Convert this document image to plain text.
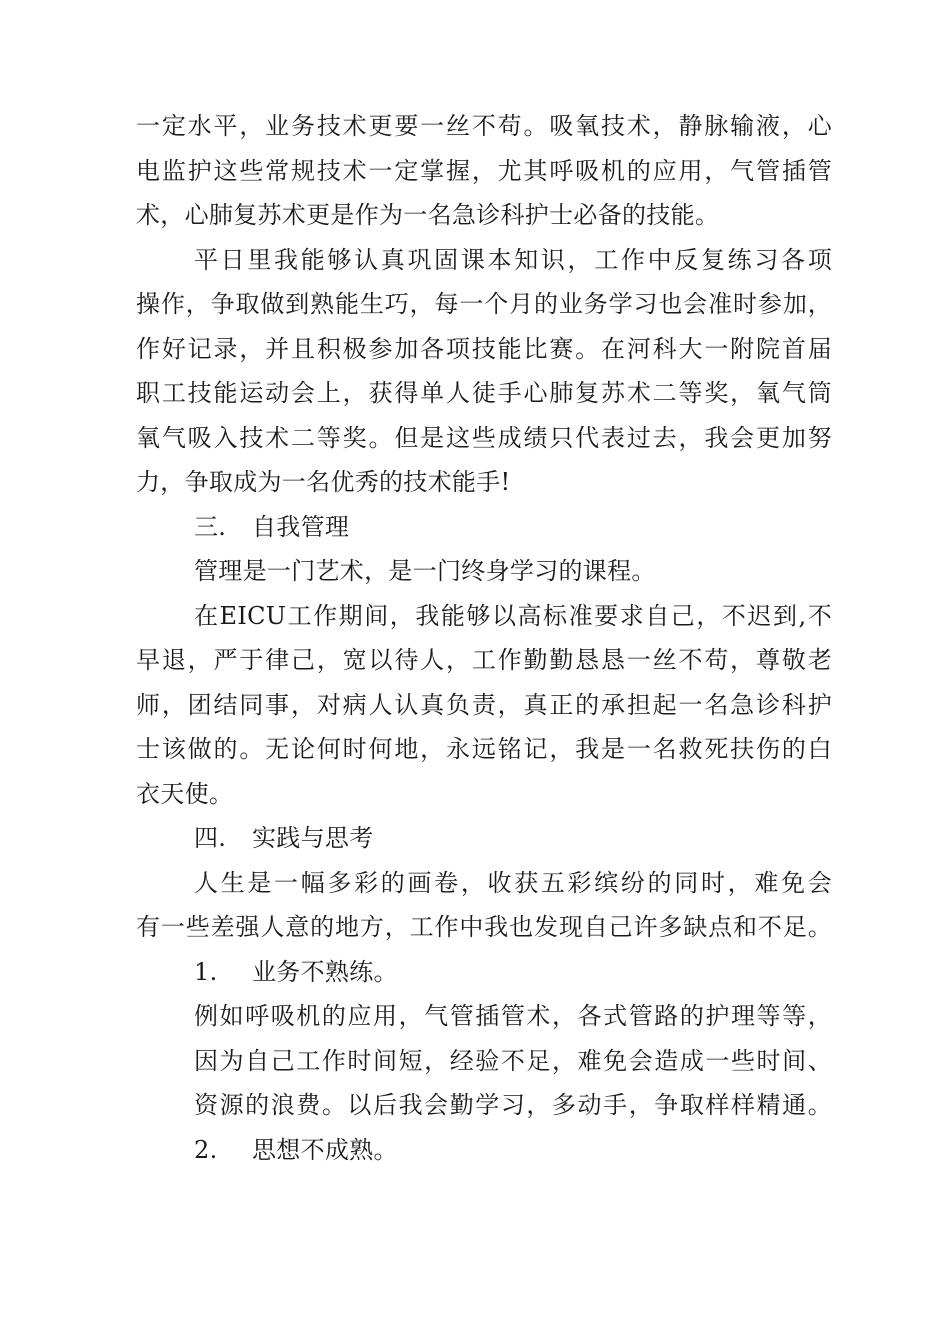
一定水平，业务技术更要一丝不苟。吸氧技术，静脉输液，心
电监护这些常规技术一定掌握，尤其呼吸机的应用，气管插管
术，心肺复苏术更是作为一名急诊科护士必备的技能。
平日里我能够认真巩固课本知识，工作中反复练习各项
操作，争取做到熟能生巧，每一个月的业务学习也会准时参加，
作好记录，并且积极参加各项技能比赛。在河科大一附院首届
职工技能运动会上，获得单人徒手心肺复苏术二等奖，氧气筒
氧气吸入技术二等奖。但是这些成绩只代表过去，我会更加努
力，争取成为一名优秀的技术能手!
三. 自我管理
管理是一门艺术，是一门终身学习的课程。
在EICU工作期间，我能够以高标准要求自己，不迟到,不
早退，严于律己，宽以待人，工作勤勤恳恳一丝不苟，尊敬老
师，团结同事，对病人认真负责，真正的承担起一名急诊科护
士该做的。无论何时何地，永远铭记，我是一名救死扶伤的白
衣天使。
四. 实践与思考
人生是一幅多彩的画卷，收获五彩缤纷的同时，难免会
有一些差强人意的地方，工作中我也发现自己许多缺点和不足。
1. 业务不熟练。
例如呼吸机的应用，气管插管术，各式管路的护理等等，
因为自己工作时间短，经验不足，难免会造成一些时间、
资源的浪费。以后我会勤学习，多动手，争取样样精通。
2. 思想不成熟。
